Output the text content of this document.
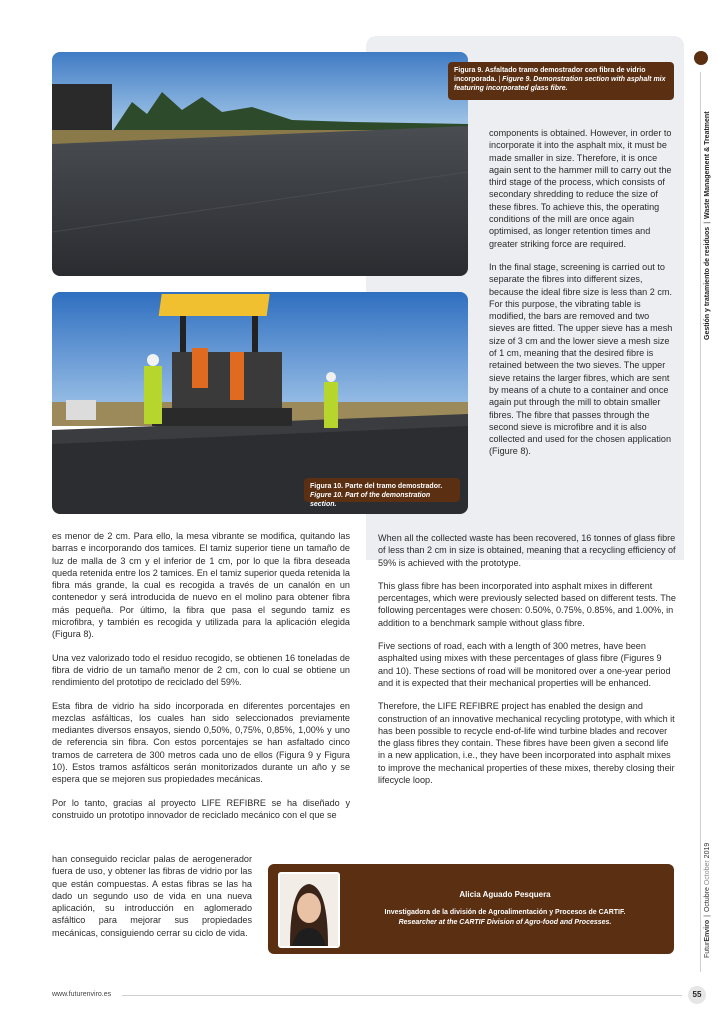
Figura 9. Asfaltado tramo demostrador con fibra de vidrio incorporada. | Figure 9. Demonstration section with asphalt mix featuring incorporated glass fibre.
Figura 10. Parte del tramo demostrador.
Figure 10. Part of the demonstration section.

components is obtained. However, in order to incorporate it into the asphalt mix, it must be made smaller in size. Therefore, it is once again sent to the hammer mill to carry out the third stage of the process, which consists of secondary shredding to reduce the size of these fibres. To achieve this, the operating conditions of the mill are once again optimised, as longer retention times and greater striking force are required.

In the final stage, screening is carried out to separate the fibres into different sizes, because the ideal fibre size is less than 2 cm. For this purpose, the vibrating table is modified, the bars are removed and two sieves are fitted. The upper sieve has a mesh size of 3 cm and the lower sieve a mesh size of 1 cm, meaning that the desired fibre is retained between the two sieves. The upper sieve retains the larger fibres, which are sent by means of a chute to a container and once again put through the mill to obtain smaller fibres. The fibre that passes through the second sieve is microfibre and it is also collected and used for the chosen application (Figure 8).

When all the collected waste has been recovered, 16 tonnes of glass fibre of less than 2 cm in size is obtained, meaning that a recycling efficiency of 59% is achieved with the prototype.

This glass fibre has been incorporated into asphalt mixes in different percentages, which were previously selected based on different tests. The following percentages were chosen: 0.50%, 0.75%, 0.85%, and 1.00%, in addition to a benchmark sample without glass fibre.

Five sections of road, each with a length of 300 metres, have been asphalted using mixes with these percentages of glass fibre (Figures 9 and 10). These sections of road will be monitored over a one-year period and it is expected that their mechanical properties will be enhanced.

Therefore, the LIFE REFIBRE project has enabled the design and construction of an innovative mechanical recycling prototype, with which it has been possible to recycle end-of-life wind turbine blades and recover the glass fibres they contain. These fibres have been given a second life in a new application, i.e., they have been incorporated into asphalt mixes to improve the mechanical properties of these mixes, thereby closing their lifecycle loop.

es menor de 2 cm. Para ello, la mesa vibrante se modifica, quitando las barras e incorporando dos tamices. El tamiz superior tiene un tamaño de luz de malla de 3 cm y el inferior de 1 cm, por lo que la fibra deseada queda retenida entre los 2 tamices. En el tamiz superior queda retenida la fibra más grande, la cual es recogida a través de un canalón en un contenedor y será introducida de nuevo en el molino para obtener fibra más pequeña. Por último, la fibra que pasa el segundo tamiz es microfibra, y también es recogida y utilizada para la aplicación elegida (Figura 8).

Una vez valorizado todo el residuo recogido, se obtienen 16 toneladas de fibra de vidrio de un tamaño menor de 2 cm, con lo cual se obtiene un rendimiento del prototipo de reciclado del 59%.

Esta fibra de vidrio ha sido incorporada en diferentes porcentajes en mezclas asfálticas, los cuales han sido seleccionados previamente mediantes diversos ensayos, siendo 0,50%, 0,75%, 0,85%, 1,00% y uno de referencia sin fibra. Con estos porcentajes se han asfaltado cinco tramos de carretera de 300 metros cada uno de ellos (Figura 9 y Figura 10). Estos tramos asfálticos serán monitorizados durante un año y se espera que se mejoren sus propiedades mecánicas.

Por lo tanto, gracias al proyecto LIFE REFIBRE se ha diseñado y construido un prototipo innovador de reciclado mecánico con el que se

han conseguido reciclar palas de aerogenerador fuera de uso, y obtener las fibras de vidrio por las que están compuestas. A estas fibras se las ha dado un segundo uso de vida en una nueva aplicación, su introducción en aglomerado asfáltico para mejorar sus propiedades mecánicas, consiguiendo cerrar su ciclo de vida.

Alicia Aguado Pesquera
Investigadora de la división de Agroalimentación y Procesos de CARTIF.
Researcher at the CARTIF Division of Agro-food and Processes.
Gestión y tratamiento de residuos|Waste Management & Treatment
FuturEnviro|Octubre October 2019
www.futurenviro.es	55
